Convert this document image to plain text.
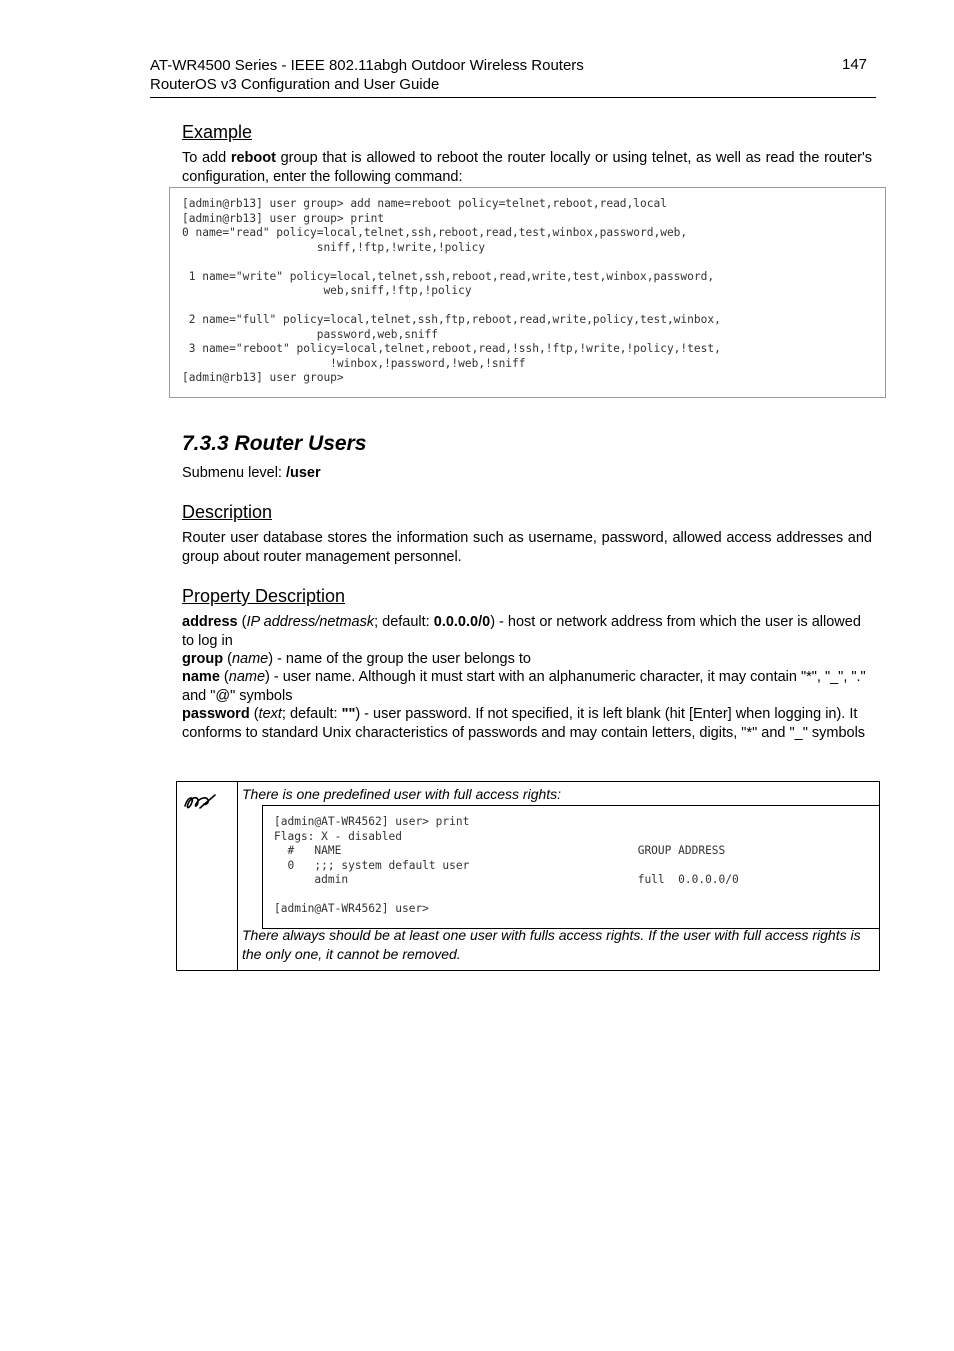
AT-WR4500 Series - IEEE 802.11abgh Outdoor Wireless Routers
RouterOS v3 Configuration and User Guide
147
Example
To add reboot group that is allowed to reboot the router locally or using telnet, as well as read the router's configuration, enter the following command:
[admin@rb13] user group> add name=reboot policy=telnet,reboot,read,local
[admin@rb13] user group> print
0 name="read" policy=local,telnet,ssh,reboot,read,test,winbox,password,web,
sniff,!ftp,!write,!policy

1 name="write" policy=local,telnet,ssh,reboot,read,write,test,winbox,password,
web,sniff,!ftp,!policy

2 name="full" policy=local,telnet,ssh,ftp,reboot,read,write,policy,test,winbox,
password,web,sniff
3 name="reboot" policy=local,telnet,reboot,read,!ssh,!ftp,!write,!policy,!test,
!winbox,!password,!web,!sniff
[admin@rb13] user group>
7.3.3 Router Users
Submenu level: /user
Description
Router user database stores the information such as username, password, allowed access addresses and group about router management personnel.
Property Description
address (IP address/netmask; default: 0.0.0.0/0) - host or network address from which the user is allowed to log in
group (name) - name of the group the user belongs to
name (name) - user name. Although it must start with an alphanumeric character, it may contain "*", "_", "." and "@" symbols
password (text; default: "") - user password. If not specified, it is left blank (hit [Enter] when logging in). It conforms to standard Unix characteristics of passwords and may contain letters, digits, "*" and "_" symbols
There is one predefined user with full access rights:
[admin@AT-WR4562] user> print
Flags: X - disabled
#   NAME                                            GROUP ADDRESS
0   ;;; system default user
admin                                           full  0.0.0.0/0

[admin@AT-WR4562] user>
There always should be at least one user with fulls access rights. If the user with full access rights is the only one, it cannot be removed.
